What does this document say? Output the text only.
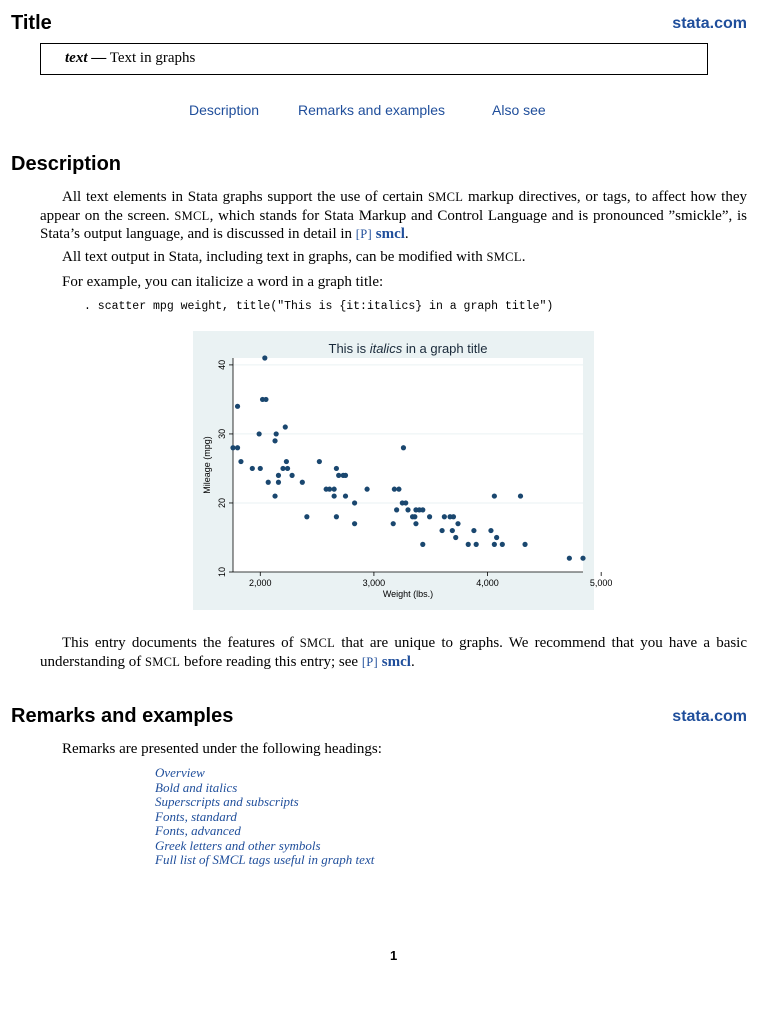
Title	stata.com
text — Text in graphs
Description	Remarks and examples	Also see
Description

All text elements in Stata graphs support the use of certain SMCL markup directives, or tags, to affect how they appear on the screen. SMCL, which stands for Stata Markup and Control Language and is pronounced ”smickle”, is Stata’s output language, and is discussed in detail in [P] smcl.

All text output in Stata, including text in graphs, can be modified with SMCL.

For example, you can italicize a word in a graph title:

. scatter mpg weight, title("This is {it:italics} in a graph title")
10
20
30
40
2,000	3,000	4,000	5,000
This is italics in a graph title
Weight (lbs.)
Mileage (mpg)

This entry documents the features of SMCL that are unique to graphs. We recommend that you have a basic understanding of SMCL before reading this entry; see [P] smcl.

Remarks and examples	stata.com

Remarks are presented under the following headings:

Overview
Bold and italics
Superscripts and subscripts
Fonts, standard
Fonts, advanced
Greek letters and other symbols
Full list of SMCL tags useful in graph text
1
